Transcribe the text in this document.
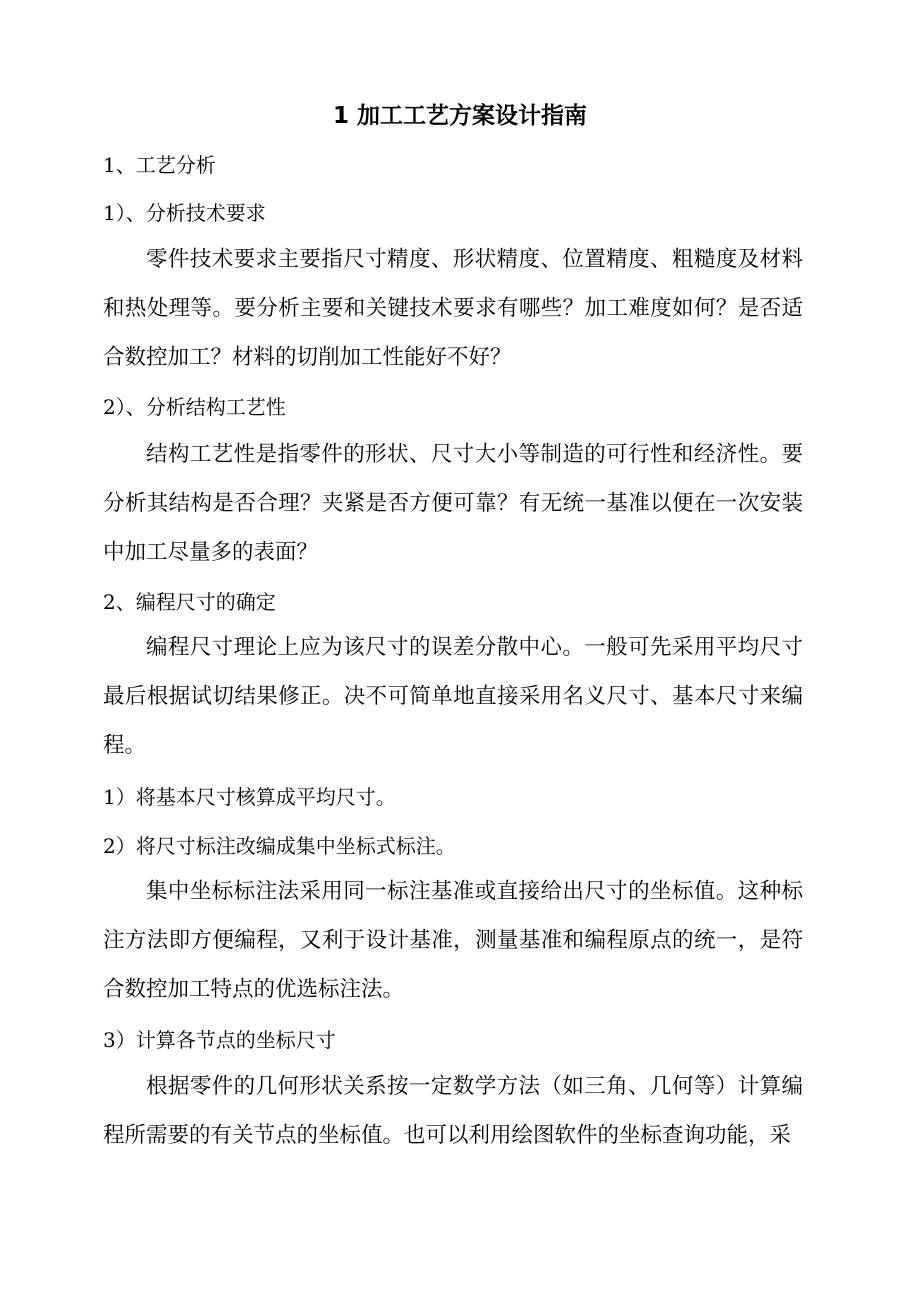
1 加工工艺方案设计指南

1、工艺分析

1）、分析技术要求

零件技术要求主要指尺寸精度、形状精度、位置精度、粗糙度及材料和热处理等。要分析主要和关键技术要求有哪些？加工难度如何？是否适合数控加工？材料的切削加工性能好不好？

2）、分析结构工艺性

结构工艺性是指零件的形状、尺寸大小等制造的可行性和经济性。要分析其结构是否合理？夹紧是否方便可靠？有无统一基准以便在一次安装中加工尽量多的表面？

2、编程尺寸的确定

编程尺寸理论上应为该尺寸的误差分散中心。一般可先采用平均尺寸最后根据试切结果修正。决不可简单地直接采用名义尺寸、基本尺寸来编程。

1）将基本尺寸核算成平均尺寸。

2）将尺寸标注改编成集中坐标式标注。

集中坐标标注法采用同一标注基准或直接给出尺寸的坐标值。这种标注方法即方便编程，又利于设计基准，测量基准和编程原点的统一，是符合数控加工特点的优选标注法。

3）计算各节点的坐标尺寸

根据零件的几何形状关系按一定数学方法（如三角、几何等）计算编程所需要的有关节点的坐标值。也可以利用绘图软件的坐标查询功能，采
